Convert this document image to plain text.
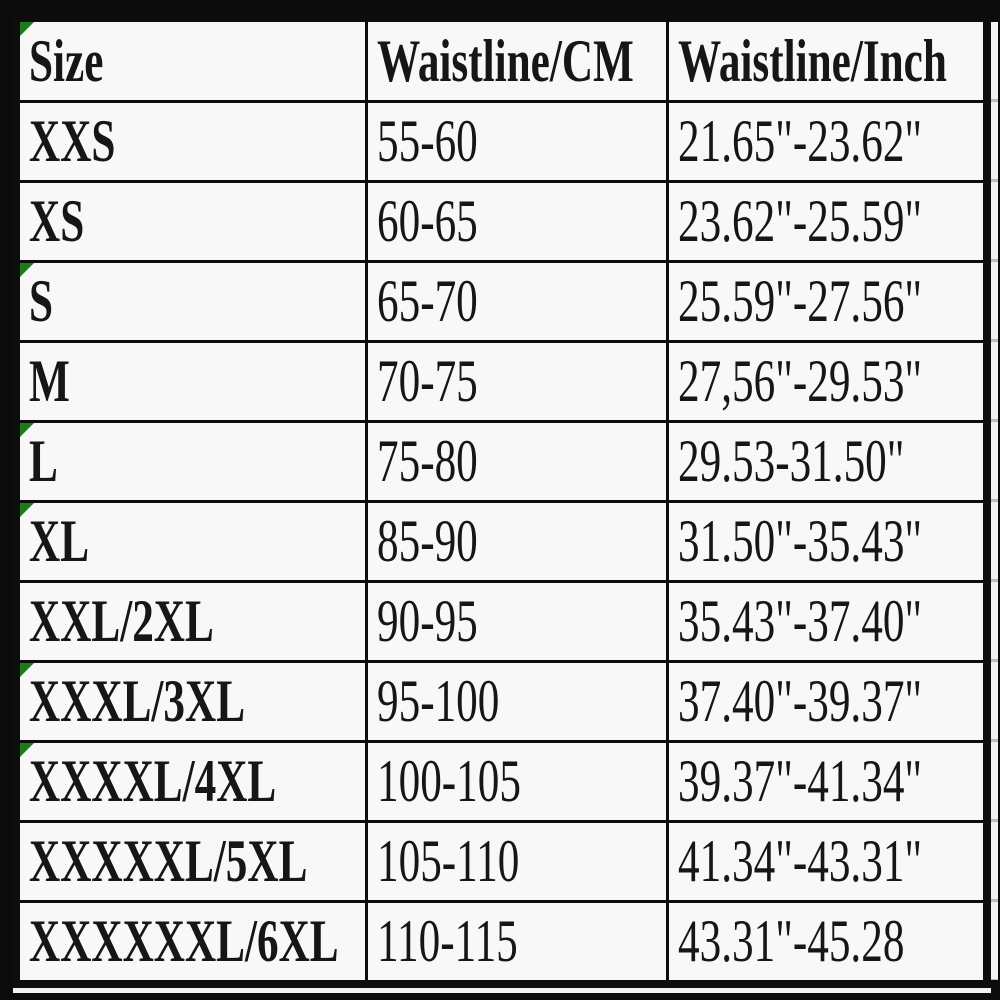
Size	Waistline/CM Waistline/Inch
XXS	55-60	21.65"-23.62"
XS	60-65	23.62"-25.59"
S	65-70	25.59"-27.56"
M	70-75	27,56"-29.53"
L	75-80	29.53-31.50"
XL	85-90	31.50"-35.43"
XXL/2XL	90-95	35.43"-37.40"
XXXL/3XL 95-100	37.40"-39.37"
XXXXL/4XL 100-105	39.37"-41.34"
XXXXXL/5XL 105-110	41.34"-43.31"
XXXXXXL/6XL 110-115	43.31"-45.28
